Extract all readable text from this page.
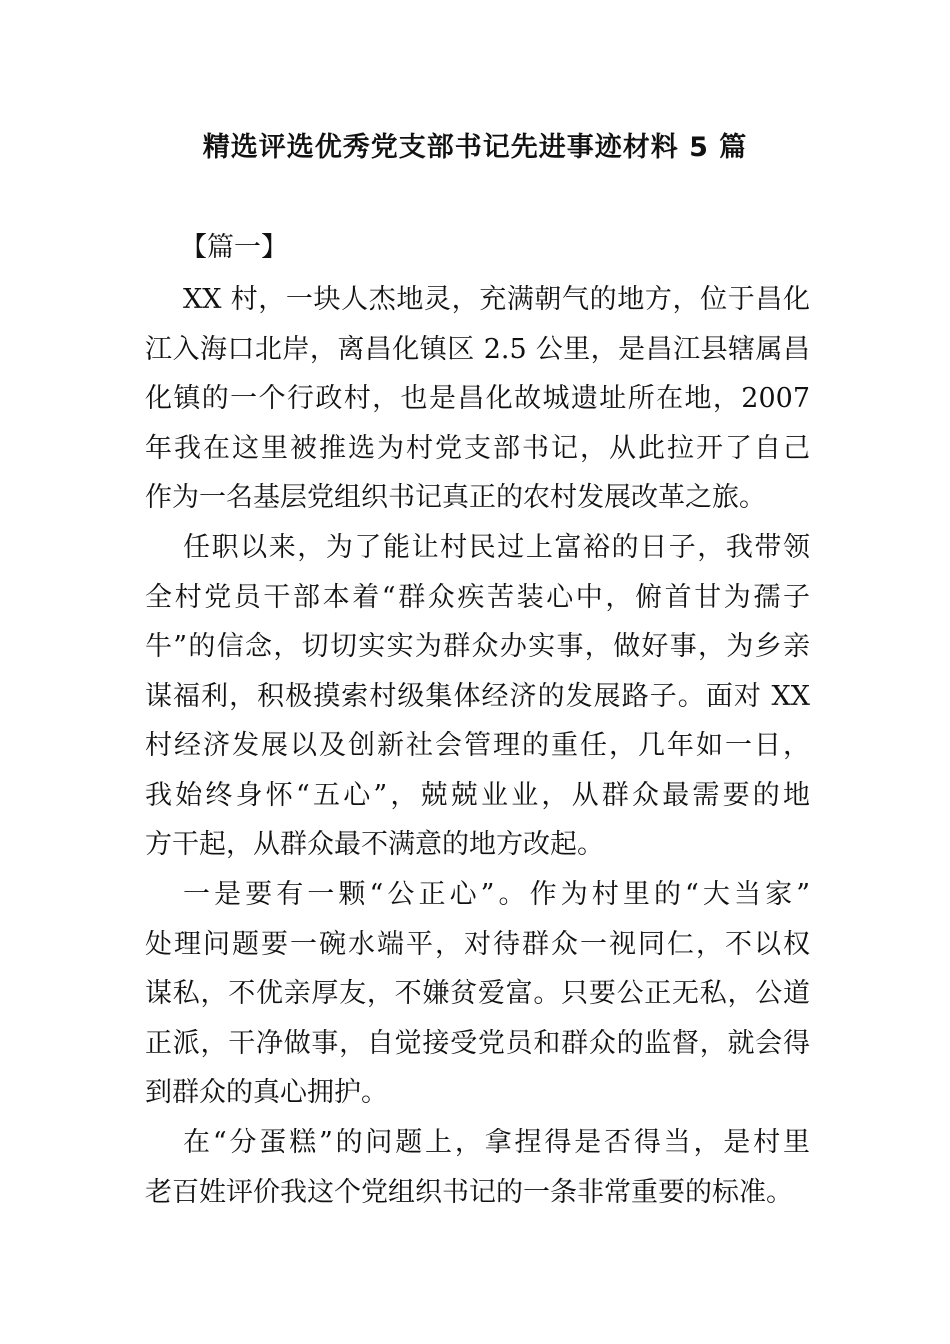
精选评选优秀党支部书记先进事迹材料 5 篇

【篇一】

XX 村，一块人杰地灵，充满朝气的地方，位于昌化
江入海口北岸，离昌化镇区 2.5 公里，是昌江县辖属昌
化镇的一个行政村，也是昌化故城遗址所在地，2007
年我在这里被推选为村党支部书记，从此拉开了自己
作为一名基层党组织书记真正的农村发展改革之旅。
任职以来，为了能让村民过上富裕的日子，我带领
全村党员干部本着“群众疾苦装心中，俯首甘为孺子
牛”的信念，切切实实为群众办实事，做好事，为乡亲
谋福利，积极摸索村级集体经济的发展路子。面对 XX
村经济发展以及创新社会管理的重任，几年如一日，
我始终身怀“五心”，兢兢业业，从群众最需要的地
方干起，从群众最不满意的地方改起。
一是要有一颗“公正心”。作为村里的“大当家”
处理问题要一碗水端平，对待群众一视同仁，不以权
谋私，不优亲厚友，不嫌贫爱富。只要公正无私，公道
正派，干净做事，自觉接受党员和群众的监督，就会得
到群众的真心拥护。
在“分蛋糕”的问题上，拿捏得是否得当，是村里
老百姓评价我这个党组织书记的一条非常重要的标准。
